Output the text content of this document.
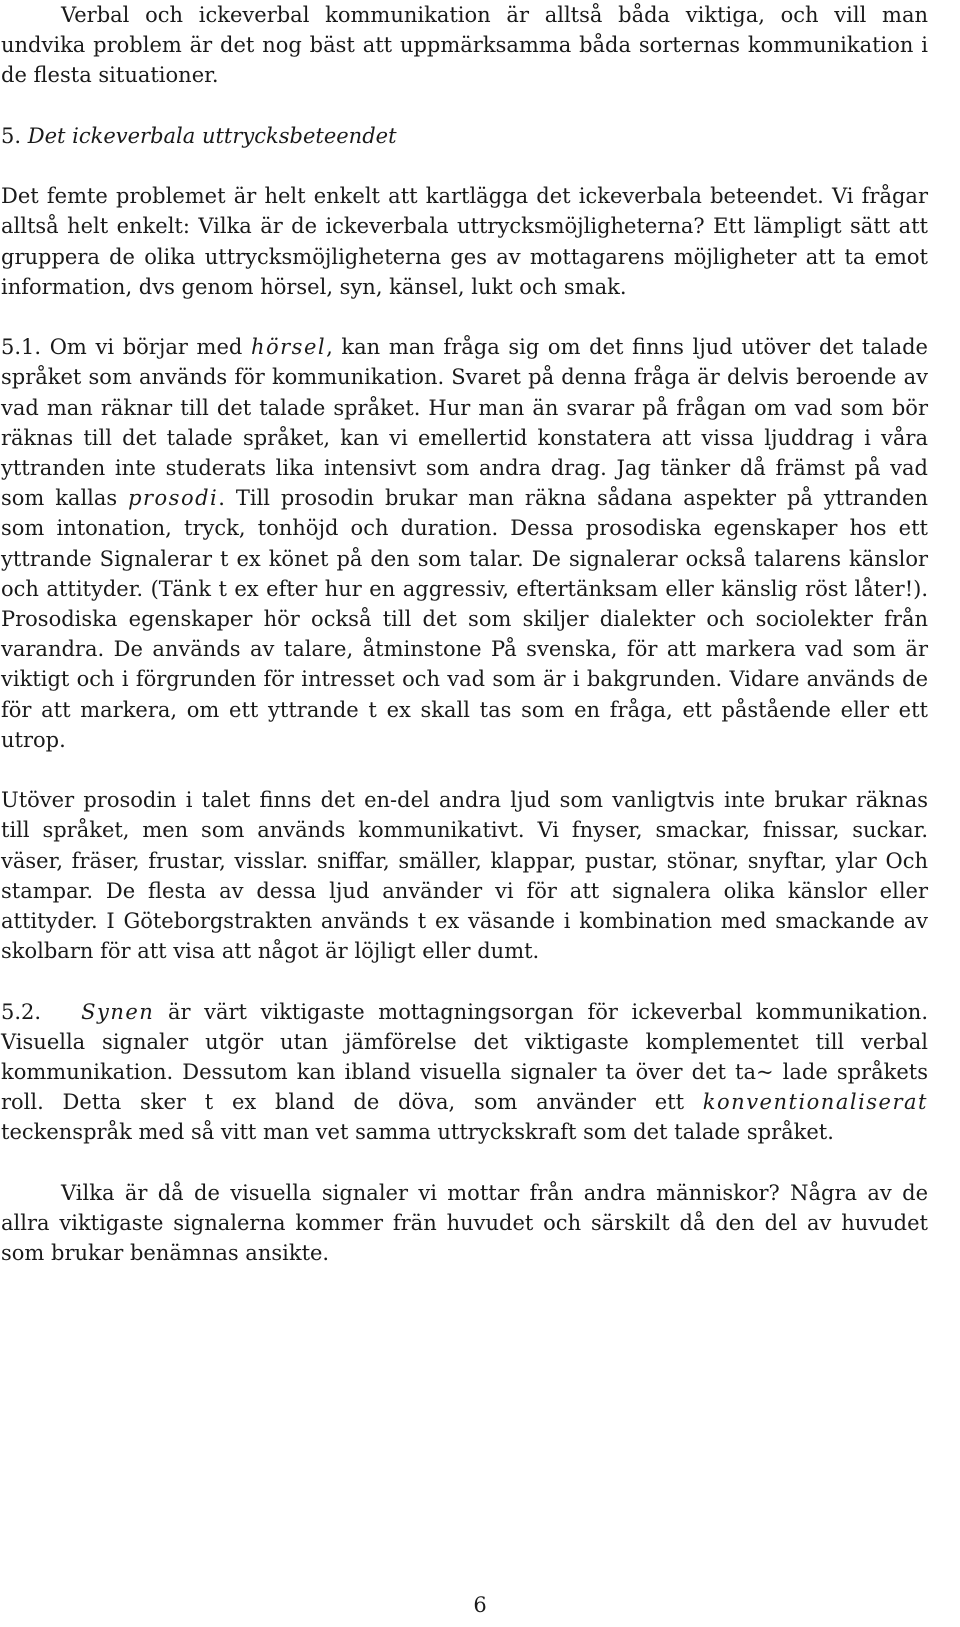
Verbal och ickeverbal kommunikation är alltså båda viktiga, och vill man undvika problem är det nog bäst att uppmärksamma båda sorternas kommunikation i de flesta situationer.

5. Det ickeverbala uttrycksbeteendet

Det femte problemet är helt enkelt att kartlägga det ickeverbala beteendet. Vi frågar alltså helt enkelt: Vilka är de ickeverbala uttrycksmöjligheterna? Ett lämpligt sätt att gruppera de olika uttrycksmöjligheterna ges av mottagarens möjligheter att ta emot information, dvs genom hörsel, syn, känsel, lukt och smak.

5.1. Om vi börjar med hörsel, kan man fråga sig om det finns ljud utöver det talade språket som används för kommunikation. Svaret på denna fråga är delvis beroende av vad man räknar till det talade språket. Hur man än svarar på frågan om vad som bör räknas till det talade språket, kan vi emellertid konstatera att vissa ljuddrag i våra yttranden inte studerats lika intensivt som andra drag. Jag tänker då främst på vad som kallas prosodi. Till prosodin brukar man räkna sådana aspekter på yttranden som intonation, tryck, tonhöjd och duration. Dessa prosodiska egenskaper hos ett yttrande Signalerar t ex könet på den som talar. De signalerar också talarens känslor och attityder. (Tänk t ex efter hur en aggressiv, eftertänksam eller känslig röst låter!). Prosodiska egenskaper hör också till det som skiljer dialekter och sociolekter från varandra. De används av talare, åtminstone På svenska, för att markera vad som är viktigt och i förgrunden för intresset och vad som är i bakgrunden. Vidare används de för att markera, om ett yttrande t ex skall tas som en fråga, ett påstående eller ett utrop.

Utöver prosodin i talet finns det en-del andra ljud som vanligtvis inte brukar räknas till språket, men som används kommunikativt. Vi fnyser, smackar, fnissar, suckar. väser, fräser, frustar, visslar. sniffar, smäller, klappar, pustar, stönar, snyftar, ylar Och stampar. De flesta av dessa ljud använder vi för att signalera olika känslor eller attityder. I Göteborgstrakten används t ex väsande i kombination med smackande av skolbarn för att visa att något är löjligt eller dumt.

5.2. Synen är värt viktigaste mottagningsorgan för ickeverbal kommunikation. Visuella signaler utgör utan jämförelse det viktigaste komplementet till verbal kommunikation. Dessutom kan ibland visuella signaler ta över det ta~ lade språkets roll. Detta sker t ex bland de döva, som använder ett konventionaliserat teckenspråk med så vitt man vet samma uttryckskraft som det talade språket.

Vilka är då de visuella signaler vi mottar från andra människor? Några av de allra viktigaste signalerna kommer frän huvudet och särskilt då den del av huvudet som brukar benämnas ansikte.

6
